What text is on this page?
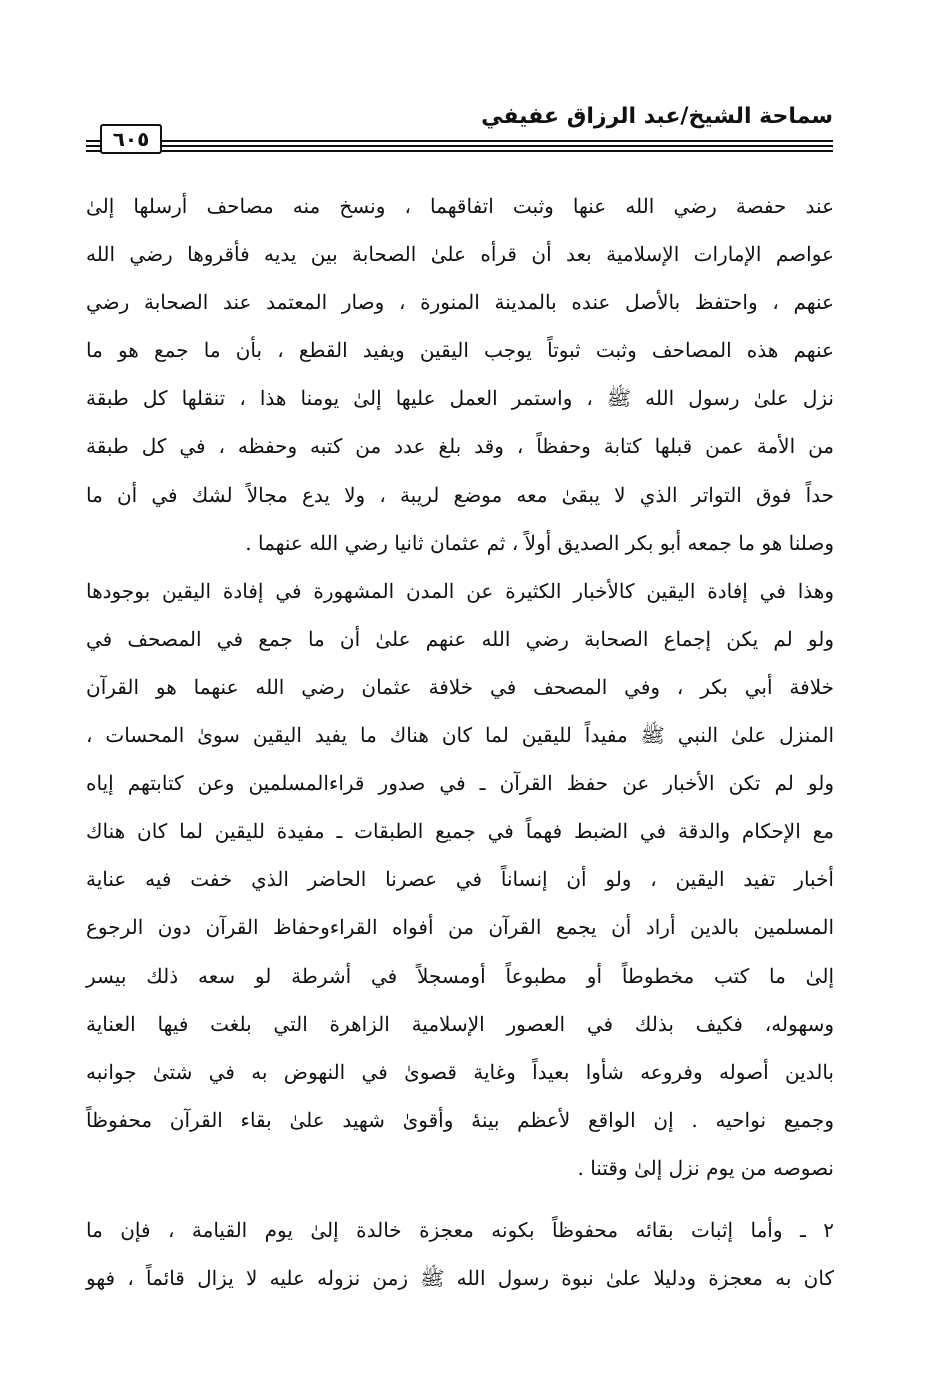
سماحة الشيخ/عبد الرزاق عفيفي
٦٠٥
عند حفصة رضي الله عنها وثبت اتفاقهما ، ونسخ منه مصاحف أرسلها إلىٰ
عواصم الإمارات الإسلامية بعد أن قرأه علىٰ الصحابة بين يديه فأقروها رضي الله
عنهم ، واحتفظ بالأصل عنده بالمدينة المنورة ، وصار المعتمد عند الصحابة رضي
عنهم هذه المصاحف وثبت ثبوتاً يوجب اليقين ويفيد القطع ، بأن ما جمع هو ما
نزل علىٰ رسول الله ﷺ ، واستمر العمل عليها إلىٰ يومنا هذا ، تنقلها كل طبقة
من الأمة عمن قبلها كتابة وحفظاً ، وقد بلغ عدد من كتبه وحفظه ، في كل طبقة
حداً فوق التواتر الذي لا يبقىٰ معه موضع لريبة ، ولا يدع مجالاً لشك في أن ما
وصلنا هو ما جمعه أبو بكر الصديق أولاً ، ثم عثمان ثانيا رضي الله عنهما .
وهذا في إفادة اليقين كالأخبار الكثيرة عن المدن المشهورة في إفادة اليقين بوجودها
ولو لم يكن إجماع الصحابة رضي الله عنهم علىٰ أن ما جمع في المصحف في
خلافة أبي بكر ، وفي المصحف في خلافة عثمان رضي الله عنهما هو القرآن
المنزل علىٰ النبي ﷺ مفيداً لليقين لما كان هناك ما يفيد اليقين سوىٰ المحسات ،
ولو لم تكن الأخبار عن حفظ القرآن ـ في صدور قراءالمسلمين وعن كتابتهم إياه
مع الإحكام والدقة في الضبط فهماً في جميع الطبقات ـ مفيدة لليقين لما كان هناك
أخبار تفيد اليقين ، ولو أن إنساناً في عصرنا الحاضر الذي خفت فيه عناية
المسلمين بالدين أراد أن يجمع القرآن من أفواه القراءوحفاظ القرآن دون الرجوع
إلىٰ ما كتب مخطوطاً أو مطبوعاً أومسجلاً في أشرطة لو سعه ذلك بيسر
وسهوله، فكيف بذلك في العصور الإسلامية الزاهرة التي بلغت فيها العناية
بالدين أصوله وفروعه شأوا بعيداً وغاية قصوىٰ في النهوض به في شتىٰ جوانبه
وجميع نواحيه . إن الواقع لأعظم بينهٔ وأقوىٰ شهيد علىٰ بقاء القرآن محفوظاً
نصوصه من يوم نزل إلىٰ وقتنا .
٢ ـ وأما إثبات بقائه محفوظاً بكونه معجزة خالدة إلىٰ يوم القيامة ، فإن ما
كان به معجزة ودليلا علىٰ نبوة رسول الله ﷺ زمن نزوله عليه لا يزال قائماً ، فهو
